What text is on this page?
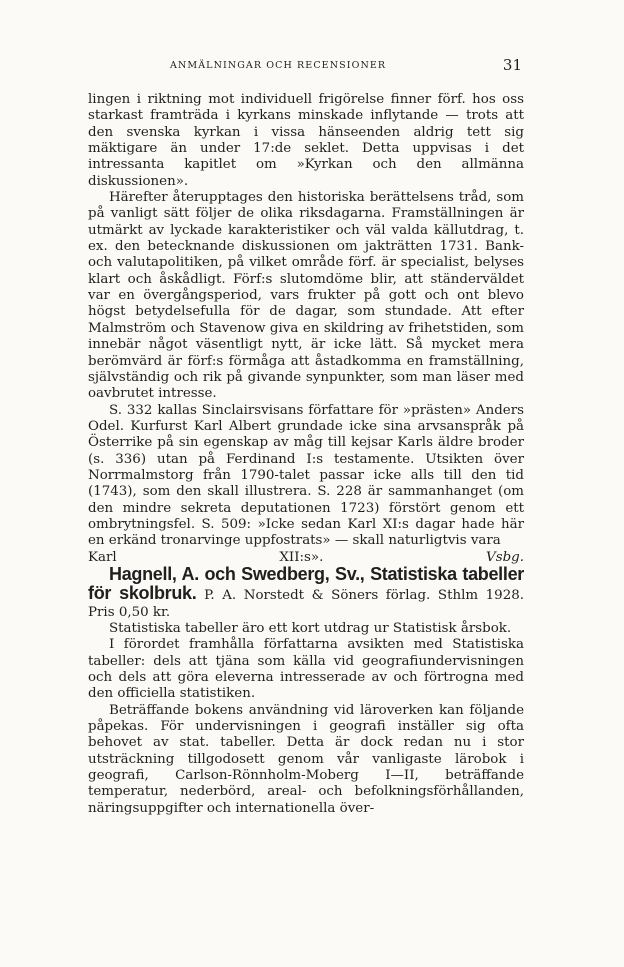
ANMÄLNINGAR OCH RECENSIONER	31

lingen i riktning mot individuell frigörelse finner förf. hos oss starkast framträda i kyrkans minskade inflytande — trots att den svenska kyrkan i vissa hänseenden aldrig tett sig mäktigare än under 17:de seklet. Detta uppvisas i det intressanta kapitlet om »Kyrkan och den allmänna diskussionen».

Härefter återupptages den historiska berättelsens tråd, som på vanligt sätt följer de olika riksdagarna. Framställningen är utmärkt av lyckade karakteristiker och väl valda källutdrag, t. ex. den betecknande diskussionen om jakträtten 1731. Bank- och valutapolitiken, på vilket område förf. är specialist, belyses klart och åskådligt. Förf:s slutomdöme blir, att ständerväldet var en övergångsperiod, vars frukter på gott och ont blevo högst betydelsefulla för de dagar, som stundade. Att efter Malmström och Stavenow giva en skildring av frihetstiden, som innebär något väsentligt nytt, är icke lätt. Så mycket mera berömvärd är förf:s förmåga att åstadkomma en framställning, självständig och rik på givande synpunkter, som man läser med oavbrutet intresse.

S. 332 kallas Sinclairsvisans författare för »prästen» Anders Odel. Kurfurst Karl Albert grundade icke sina arvsanspråk på Österrike på sin egenskap av måg till kejsar Karls äldre broder (s. 336) utan på Ferdinand I:s testamente. Utsikten över Norrmalmstorg från 1790-talet passar icke alls till den tid (1743), som den skall illustrera. S. 228 är sammanhanget (om den mindre sekreta deputationen 1723) förstört genom ett ombrytningsfel. S. 509: »Icke sedan Karl XI:s dagar hade här en erkänd tronarvinge uppfostrats» — skall naturligtvis vara

Karl XII:s».	Vsbg.

Hagnell, A. och Swedberg, Sv., Statistiska tabeller för skolbruk. P. A. Norstedt & Söners förlag. Sthlm 1928. Pris 0,50 kr.

Statistiska tabeller äro ett kort utdrag ur Statistisk årsbok.

I förordet framhålla författarna avsikten med Statistiska tabeller: dels att tjäna som källa vid geografiundervisningen och dels att göra eleverna intresserade av och förtrogna med den officiella statistiken.

Beträffande bokens användning vid läroverken kan följande påpekas. För undervisningen i geografi inställer sig ofta behovet av stat. tabeller. Detta är dock redan nu i stor utsträckning tillgodosett genom vår vanligaste lärobok i geografi, Carlson-Rönnholm-Moberg I—II, beträffande temperatur, nederbörd, areal- och befolkningsförhållanden, näringsuppgifter och internationella över-
